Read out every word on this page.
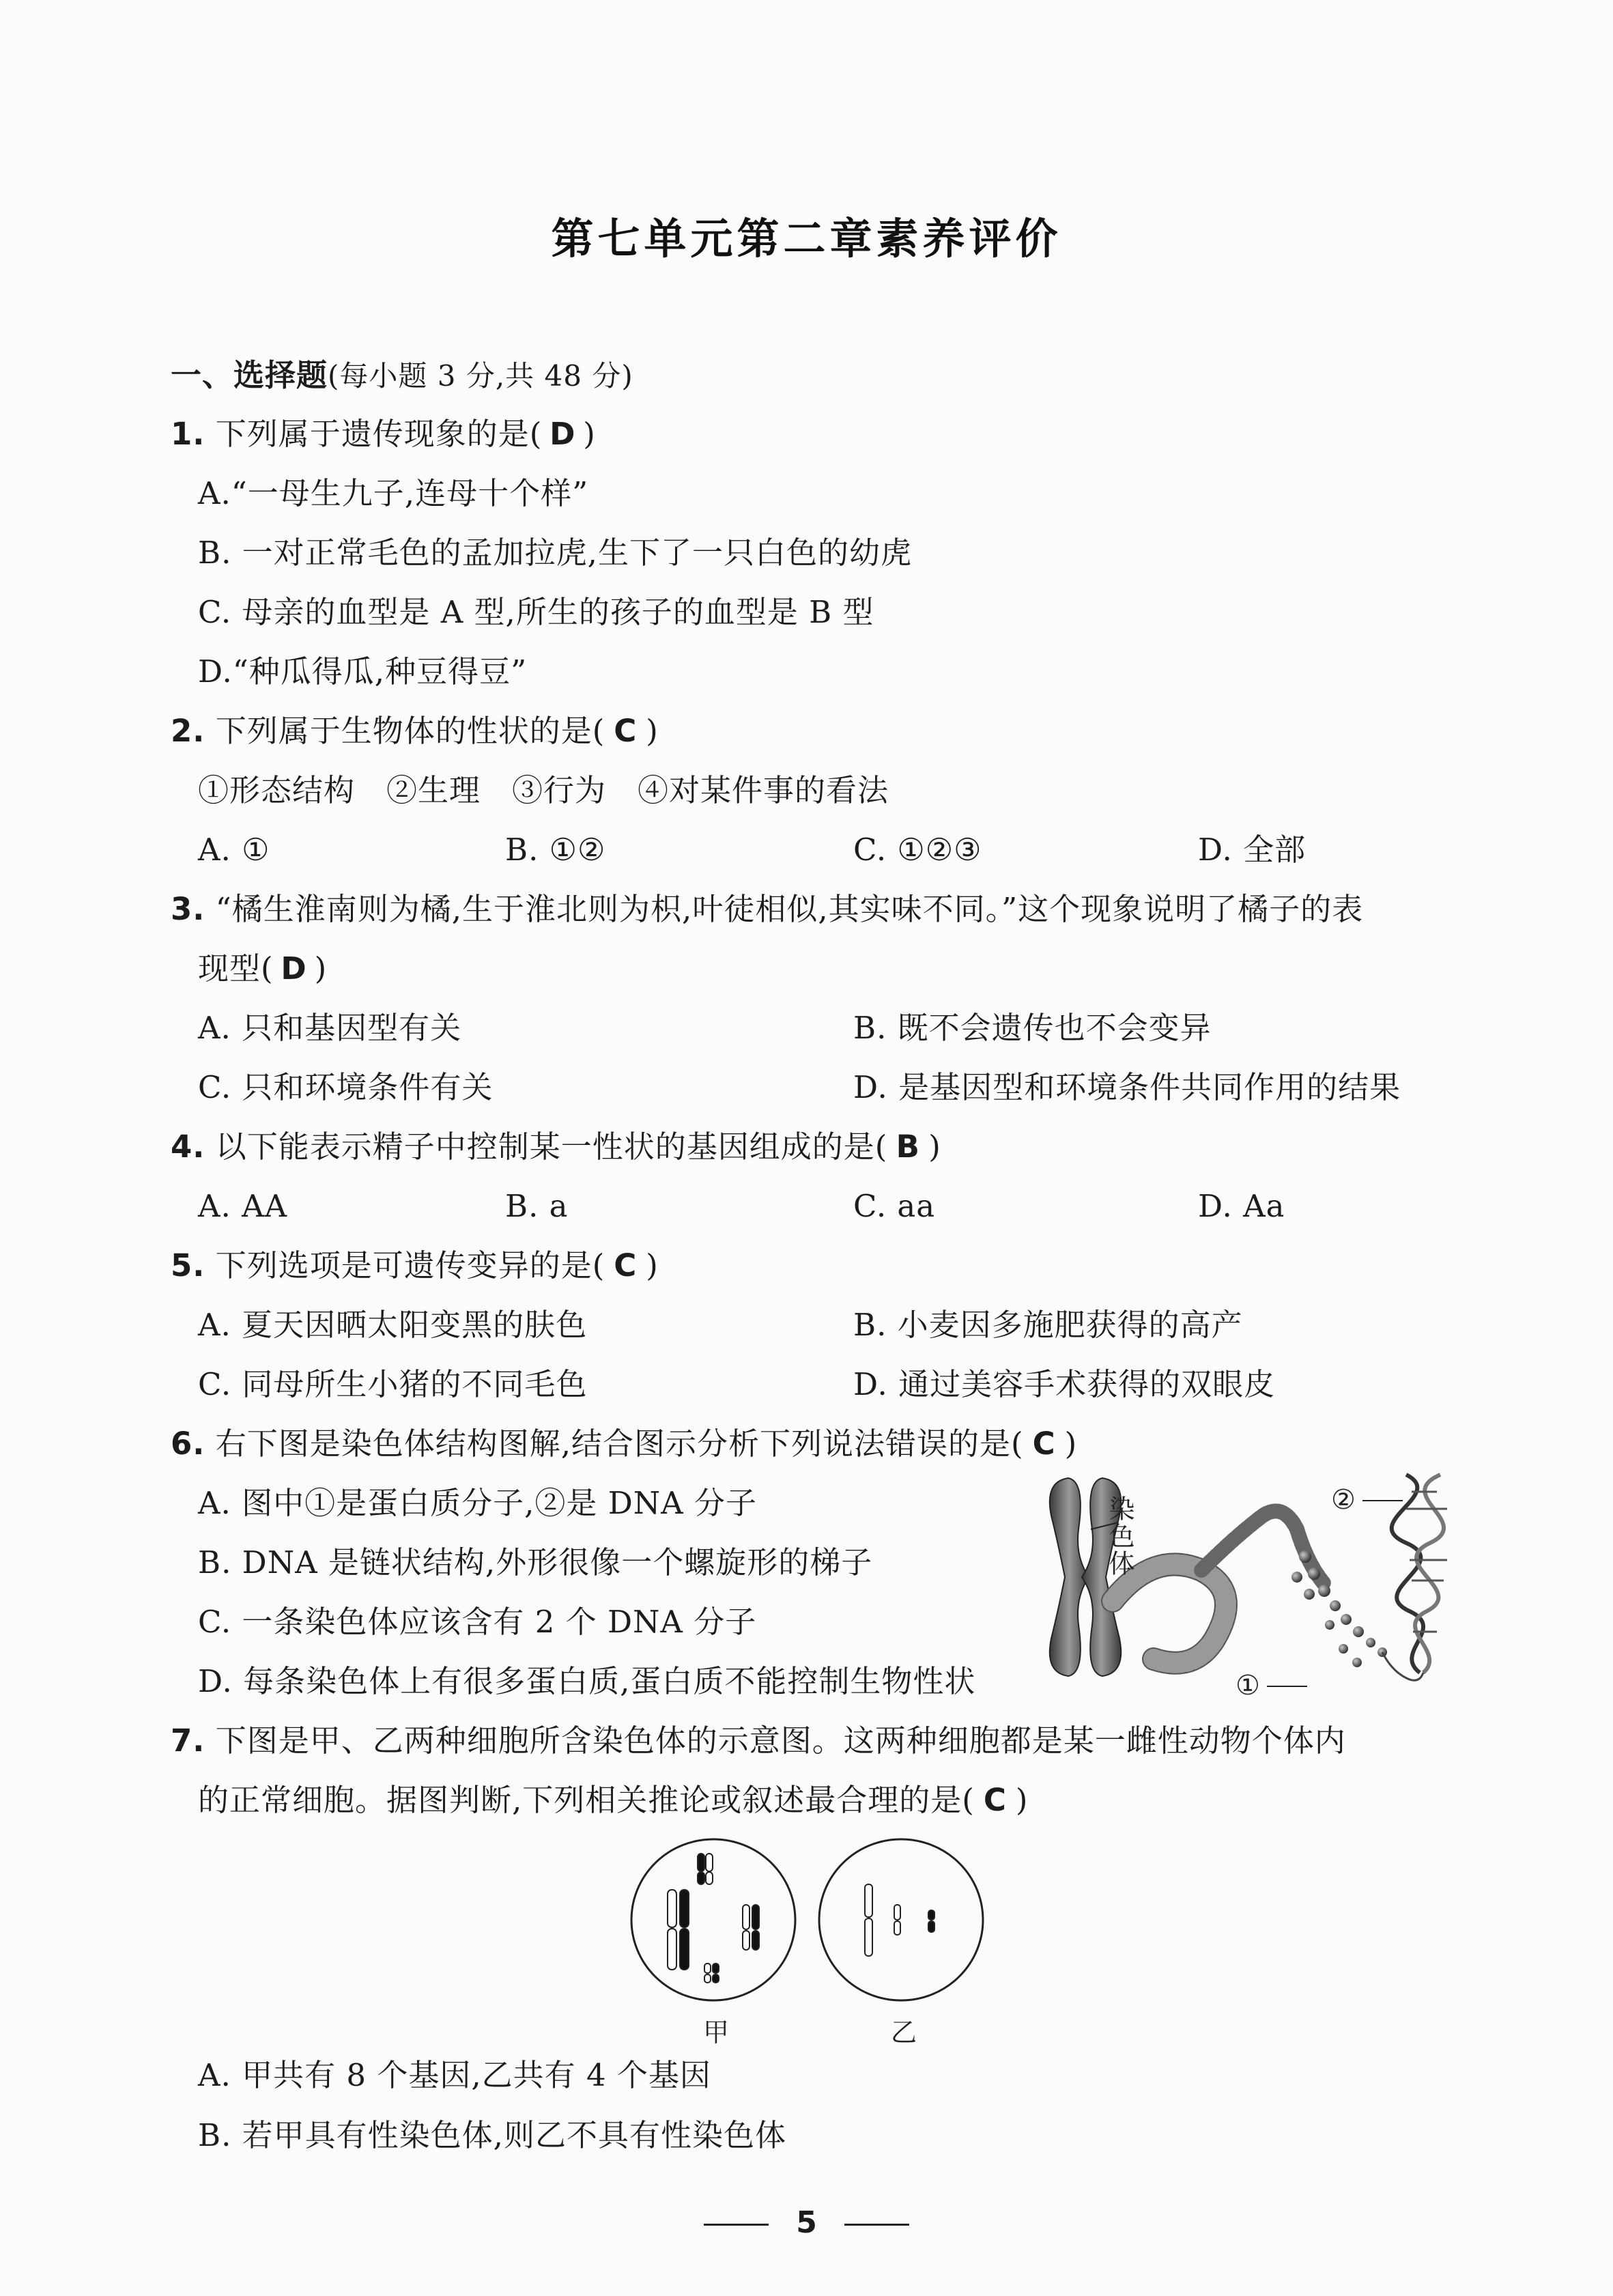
第七单元第二章素养评价
一、选择题(每小题 3 分,共 48 分)
1. 下列属于遗传现象的是( D )
A.“一母生九子,连母十个样”
B. 一对正常毛色的孟加拉虎,生下了一只白色的幼虎
C. 母亲的血型是 A 型,所生的孩子的血型是 B 型
D.“种瓜得瓜,种豆得豆”
2. 下列属于生物体的性状的是( C )
①形态结构　②生理　③行为　④对某件事的看法
A. ①	B. ①②	C. ①②③	D. 全部
3. “橘生淮南则为橘,生于淮北则为枳,叶徒相似,其实味不同。”这个现象说明了橘子的表
现型( D )
A. 只和基因型有关	B. 既不会遗传也不会变异
C. 只和环境条件有关	D. 是基因型和环境条件共同作用的结果
4. 以下能表示精子中控制某一性状的基因组成的是( B )
A. AA	B. a	C. aa	D. Aa
5. 下列选项是可遗传变异的是( C )
A. 夏天因晒太阳变黑的肤色	B. 小麦因多施肥获得的高产
C. 同母所生小猪的不同毛色	D. 通过美容手术获得的双眼皮
6. 右下图是染色体结构图解,结合图示分析下列说法错误的是( C )
A. 图中①是蛋白质分子,②是 DNA 分子
B. DNA 是链状结构,外形很像一个螺旋形的梯子
C. 一条染色体应该含有 2 个 DNA 分子
D. 每条染色体上有很多蛋白质,蛋白质不能控制生物性状
染色体	②
①
7. 下图是甲、乙两种细胞所含染色体的示意图。这两种细胞都是某一雌性动物个体内
的正常细胞。据图判断,下列相关推论或叙述最合理的是( C )
甲	乙
A. 甲共有 8 个基因,乙共有 4 个基因
B. 若甲具有性染色体,则乙不具有性染色体
5
